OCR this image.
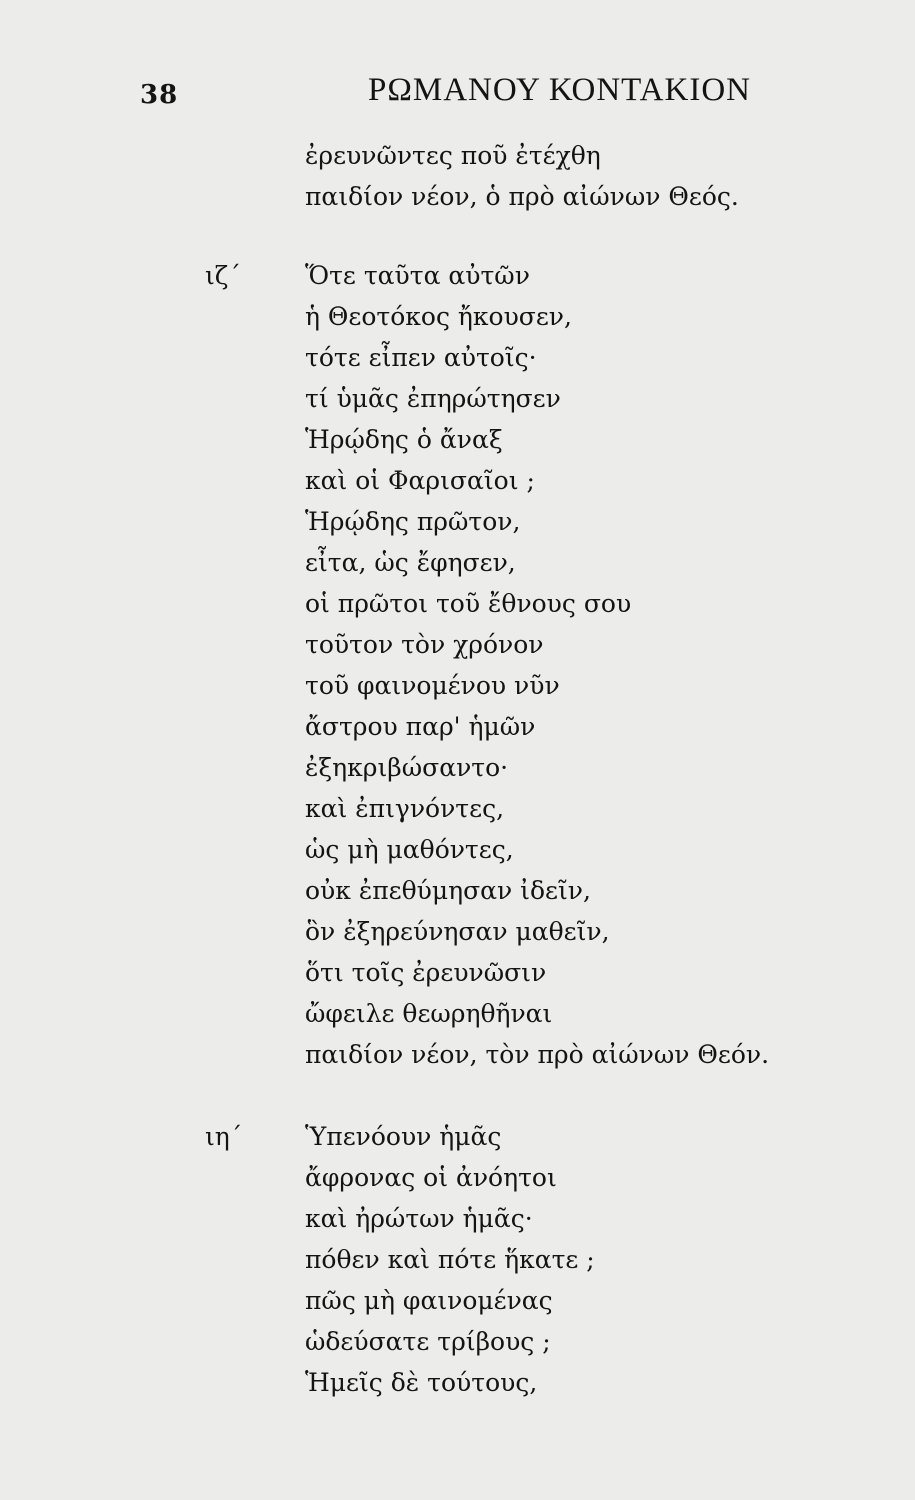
38	ΡΩΜΑΝΟΥ ΚΟΝΤΑΚΙΟΝ
ἐρευνῶντες ποῦ ἐτέχθη
παιδίον νέον, ὁ πρὸ αἰώνων Θεός.
ιζ΄	Ὅτε ταῦτα αὐτῶν
ἡ Θεοτόκος ἤκουσεν,
τότε εἶπεν αὐτοῖς·
τί ὑμᾶς ἐπηρώτησεν
Ἡρῴδης ὁ ἄναξ
καὶ οἱ Φαρισαῖοι ;
Ἡρῴδης πρῶτον,
εἶτα, ὡς ἔφησεν,
οἱ πρῶτοι τοῦ ἔθνους σου
τοῦτον τὸν χρόνον
τοῦ φαινομένου νῦν
ἄστρου παρ' ἡμῶν
ἐξηκριβώσαντο·
καὶ ἐπιγνόντες,
ὡς μὴ μαθόντες,
οὐκ ἐπεθύμησαν ἰδεῖν,
ὃν ἐξηρεύνησαν μαθεῖν,
ὅτι τοῖς ἐρευνῶσιν
ὤφειλε θεωρηθῆναι
παιδίον νέον, τὸν πρὸ αἰώνων Θεόν.
ιη΄	Ὑπενόουν ἡμᾶς
ἄφρονας οἱ ἀνόητοι
καὶ ἠρώτων ἡμᾶς·
πόθεν καὶ πότε ἥκατε ;
πῶς μὴ φαινομένας
ὡδεύσατε τρίβους ;
Ἡμεῖς δὲ τούτους,
